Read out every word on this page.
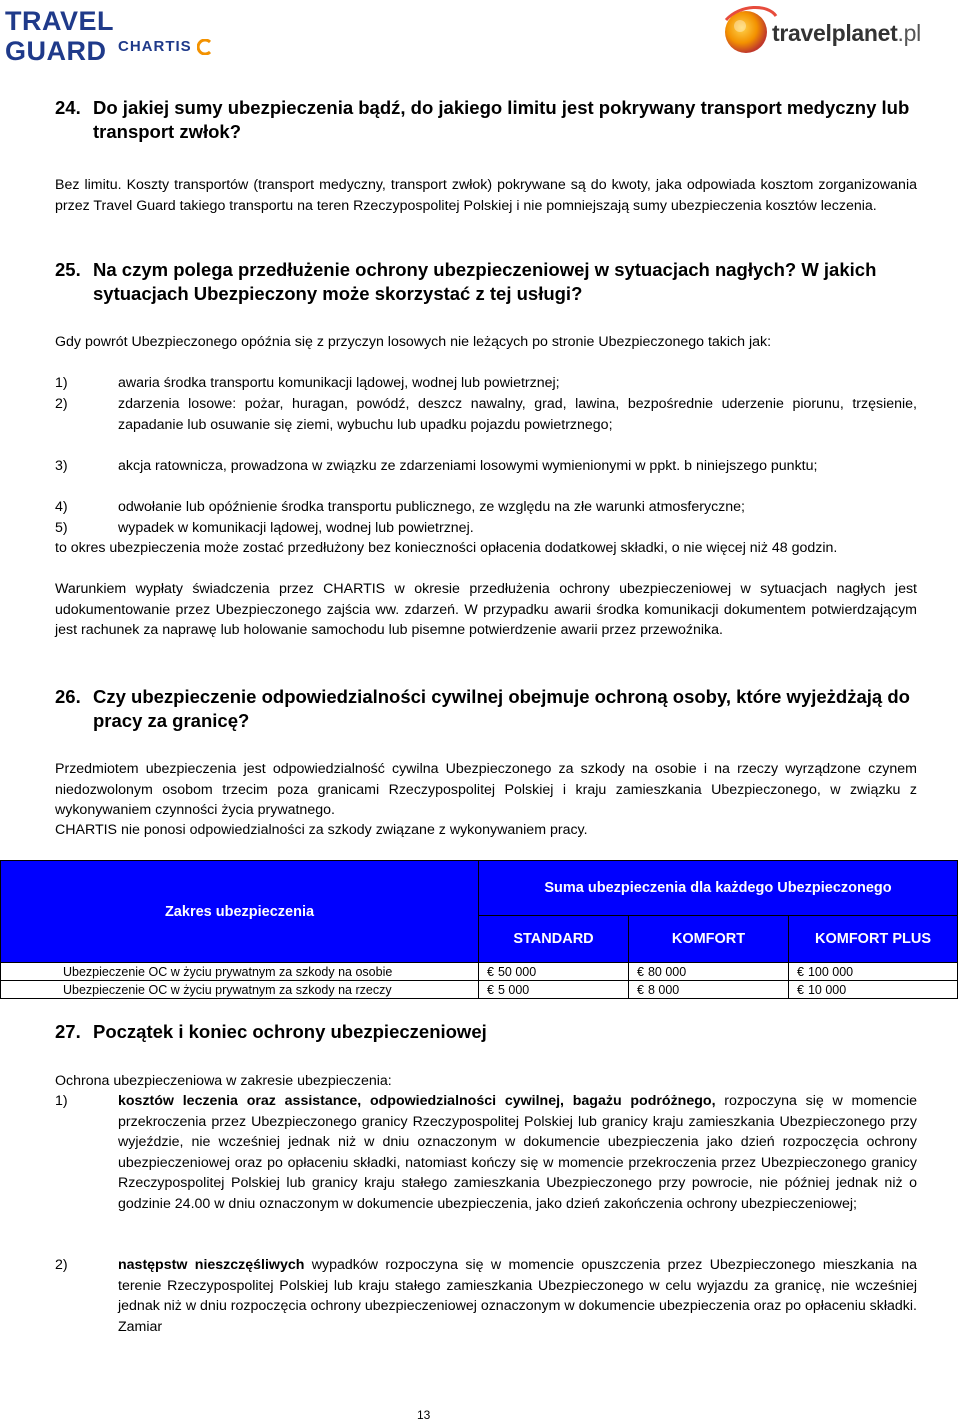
TRAVEL GUARD CHARTIS
travelplanet.pl
24. Do jakiej sumy ubezpieczenia bądź, do jakiego limitu jest pokrywany transport medyczny lub transport zwłok?

Bez limitu. Koszty transportów (transport medyczny, transport zwłok) pokrywane są do kwoty, jaka odpowiada kosztom zorganizowania przez Travel Guard takiego transportu na teren Rzeczypospolitej Polskiej i nie pomniejszają sumy ubezpieczenia kosztów leczenia.

25. Na czym polega przedłużenie ochrony ubezpieczeniowej w sytuacjach nagłych? W jakich sytuacjach Ubezpieczony może skorzystać z tej usługi?

Gdy powrót Ubezpieczonego opóźnia się z przyczyn losowych nie leżących po stronie Ubezpieczonego takich jak:

1)	awaria środka transportu komunikacji lądowej, wodnej lub powietrznej;
2)	zdarzenia losowe: pożar, huragan, powódź, deszcz nawalny, grad, lawina, bezpośrednie uderzenie piorunu, trzęsienie, zapadanie lub osuwanie się ziemi, wybuchu lub upadku pojazdu powietrznego;
3)	akcja ratownicza, prowadzona w związku ze zdarzeniami losowymi wymienionymi w ppkt. b niniejszego punktu;
4)	odwołanie lub opóźnienie środka transportu publicznego, ze względu na złe warunki atmosferyczne;
5)	wypadek w komunikacji lądowej, wodnej lub powietrznej.

to okres ubezpieczenia może zostać przedłużony bez konieczności opłacenia dodatkowej składki, o nie więcej niż 48 godzin.

Warunkiem wypłaty świadczenia przez CHARTIS w okresie przedłużenia ochrony ubezpieczeniowej w sytuacjach nagłych jest udokumentowanie przez Ubezpieczonego zajścia ww. zdarzeń. W przypadku awarii środka komunikacji dokumentem potwierdzającym jest rachunek za naprawę lub holowanie samochodu lub pisemne potwierdzenie awarii przez przewoźnika.

26. Czy ubezpieczenie odpowiedzialności cywilnej obejmuje ochroną osoby, które wyjeżdżają do pracy za granicę?

Przedmiotem ubezpieczenia jest odpowiedzialność cywilna Ubezpieczonego za szkody na osobie i na rzeczy wyrządzone czynem niedozwolonym osobom trzecim poza granicami Rzeczypospolitej Polskiej i kraju zamieszkania Ubezpieczonego, w związku z wykonywaniem czynności życia prywatnego.

CHARTIS nie ponosi odpowiedzialności za szkody związane z wykonywaniem pracy.

Zakres ubezpieczenia	Suma ubezpieczenia dla każdego Ubezpieczonego		
	STANDARD	KOMFORT	KOMFORT PLUS
Ubezpieczenie OC w życiu prywatnym za szkody na osobie	€ 50 000	€ 80 000	€ 100 000

Ubezpieczenie OC w życiu prywatnym za szkody na rzeczy	€ 5 000	€ 8 000	€ 10 000
27. Początek i koniec ochrony ubezpieczeniowej

Ochrona ubezpieczeniowa w zakresie ubezpieczenia:

1)	kosztów leczenia oraz assistance, odpowiedzialności cywilnej, bagażu podróżnego, rozpoczyna się w momencie przekroczenia przez Ubezpieczonego granicy Rzeczypospolitej Polskiej lub granicy kraju zamieszkania Ubezpieczonego przy wyjeździe, nie wcześniej jednak niż w dniu oznaczonym w dokumencie ubezpieczenia jako dzień rozpoczęcia ochrony ubezpieczeniowej oraz po opłaceniu składki, natomiast kończy się w momencie przekroczenia przez Ubezpieczonego granicy Rzeczypospolitej Polskiej lub granicy kraju stałego zamieszkania Ubezpieczonego przy powrocie, nie później jednak niż o godzinie 24.00 w dniu oznaczonym w dokumencie ubezpieczenia, jako dzień zakończenia ochrony ubezpieczeniowej;
2)	następstw nieszczęśliwych wypadków rozpoczyna się w momencie opuszczenia przez Ubezpieczonego mieszkania na terenie Rzeczypospolitej Polskiej lub kraju stałego zamieszkania Ubezpieczonego w celu wyjazdu za granicę, nie wcześniej jednak niż w dniu rozpoczęcia ochrony ubezpieczeniowej oznaczonym w dokumencie ubezpieczenia oraz po opłaceniu składki. Zamiar
13
